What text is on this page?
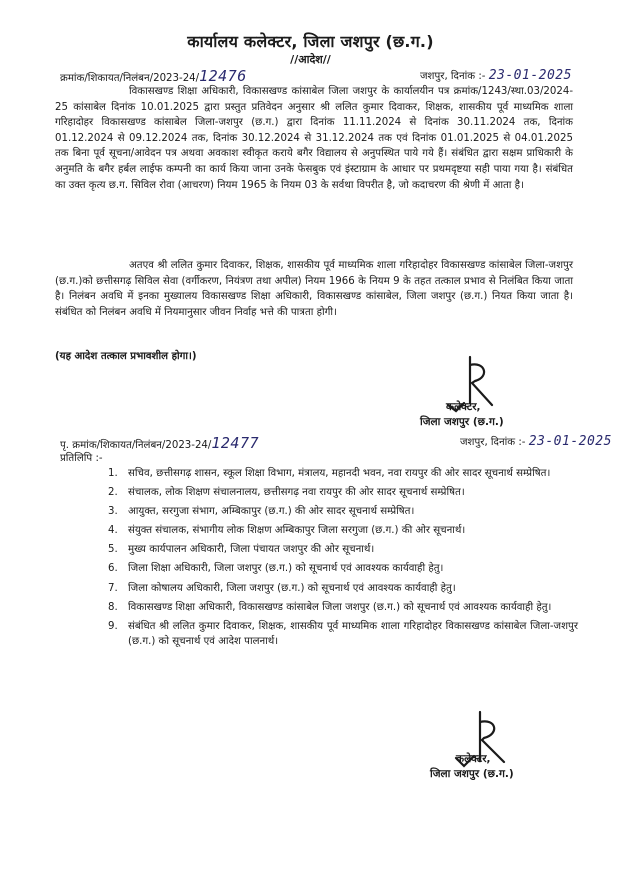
कार्यालय कलेक्टर, जिला जशपुर (छ.ग.)
//आदेश//
क्रमांक/शिकायत/निलंबन/2023-24/12476	जशपुर, दिनांक :- 23-01-2025
विकासखण्ड शिक्षा अधिकारी, विकासखण्ड कांसाबेल जिला जशपुर के कार्यालयीन पत्र क्रमांक/1243/स्था.03/2024-25 कांसाबेल दिनांक 10.01.2025 द्वारा प्रस्तुत प्रतिवेदन अनुसार श्री ललित कुमार दिवाकर, शिक्षक, शासकीय पूर्व माध्यमिक शाला गरिहादोहर विकासखण्ड कांसाबेल जिला-जशपुर (छ.ग.) द्वारा दिनांक 11.11.2024 से दिनांक 30.11.2024 तक, दिनांक 01.12.2024 से 09.12.2024 तक, दिनांक 30.12.2024 से 31.12.2024 तक एवं दिनांक 01.01.2025 से 04.01.2025 तक बिना पूर्व सूचना/आवेदन पत्र अथवा अवकाश स्वीकृत कराये बगैर विद्यालय से अनुपस्थित पाये गये हैं। संबंधित द्वारा सक्षम प्राधिकारी के अनुमति के बगैर हर्बल लाईफ कम्पनी का कार्य किया जाना उनके फेसबुक एवं इंस्टाग्राम के आधार पर प्रथमदृष्टया सही पाया गया है। संबंधित का उक्त कृत्य छ.ग. सिविल रोवा (आचरण) नियम 1965 के नियम 03 के सर्वथा विपरीत है, जो कदाचरण की श्रेणी में आता है।
अतएव श्री ललित कुमार दिवाकर, शिक्षक, शासकीय पूर्व माध्यमिक शाला गरिहादोहर विकासखण्ड कांसाबेल जिला-जशपुर (छ.ग.)को छत्तीसगढ़ सिविल सेवा (वर्गीकरण, नियंत्रण तथा अपील) नियम 1966 के नियम 9 के तहत तत्काल प्रभाव से निलंबित किया जाता है। निलंबन अवधि में इनका मुख्यालय विकासखण्ड शिक्षा अधिकारी, विकासखण्ड कांसाबेल, जिला जशपुर (छ.ग.) नियत किया जाता है। संबंधित को निलंबन अवधि में नियमानुसार जीवन निर्वाह भत्ते की पात्रता होगी।
(यह आदेश तत्काल प्रभावशील होगा।)
कलेक्टर,
जिला जशपुर (छ.ग.)
पृ. क्रमांक/शिकायत/निलंबन/2023-24/12477	जशपुर, दिनांक :- 23-01-2025
प्रतिलिपि :-
1. सचिव, छत्तीसगढ़ शासन, स्कूल शिक्षा विभाग, मंत्रालय, महानदी भवन, नवा रायपुर की ओर सादर सूचनार्थ सम्प्रेषित।
2. संचालक, लोक शिक्षण संचालनालय, छत्तीसगढ़ नवा रायपुर की ओर सादर सूचनार्थ सम्प्रेषित।
3. आयुक्त, सरगुजा संभाग, अम्बिकापुर (छ.ग.) की ओर सादर सूचनार्थ सम्प्रेषित।
4. संयुक्त संचालक, संभागीय लोक शिक्षण अम्बिकापुर जिला सरगुजा (छ.ग.) की ओर सूचनार्थ।
5. मुख्य कार्यपालन अधिकारी, जिला पंचायत जशपुर की ओर सूचनार्थ।
6. जिला शिक्षा अधिकारी, जिला जशपुर (छ.ग.) को सूचनार्थ एवं आवश्यक कार्यवाही हेतु।
7. जिला कोषालय अधिकारी, जिला जशपुर (छ.ग.) को सूचनार्थ एवं आवश्यक कार्यवाही हेतु।
8. विकासखण्ड शिक्षा अधिकारी, विकासखण्ड कांसाबेल जिला जशपुर (छ.ग.) को सूचनार्थ एवं आवश्यक कार्यवाही हेतु।
9. संबंधित श्री ललित कुमार दिवाकर, शिक्षक, शासकीय पूर्व माध्यमिक शाला गरिहादोहर विकासखण्ड कांसाबेल जिला-जशपुर (छ.ग.) को सूचनार्थ एवं आदेश पालनार्थ।
कलेक्टर,
जिला जशपुर (छ.ग.)
